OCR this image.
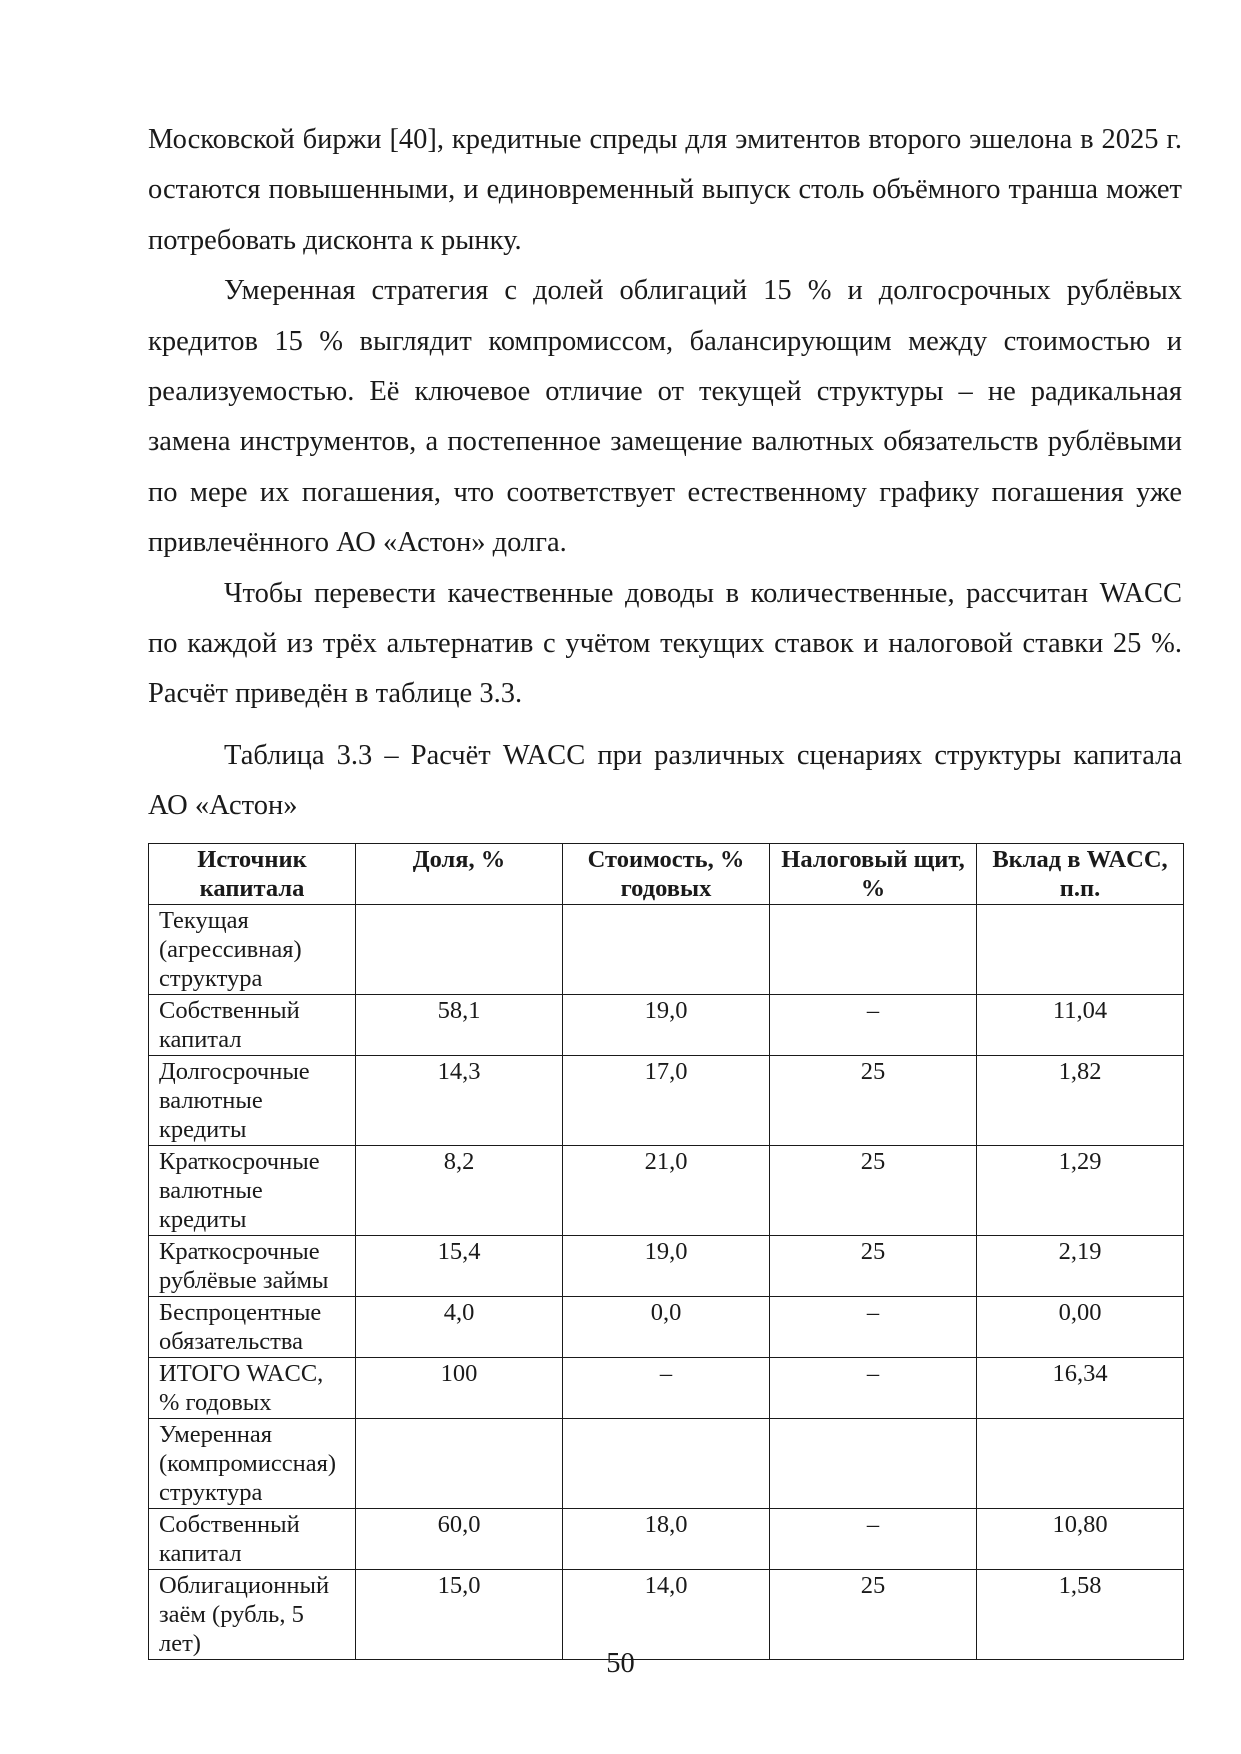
Московской биржи [40], кредитные спреды для эмитентов второго эшелона в 2025 г. остаются повышенными, и единовременный выпуск столь объёмного транша может потребовать дисконта к рынку.

Умеренная стратегия с долей облигаций 15 % и долгосрочных рублёвых кредитов 15 % выглядит компромиссом, балансирующим между стоимостью и реализуемостью. Её ключевое отличие от текущей структуры – не радикальная замена инструментов, а постепенное замещение валютных обязательств рублёвыми по мере их погашения, что соответствует естественному графику погашения уже привлечённого АО «Астон» долга.

Чтобы перевести качественные доводы в количественные, рассчитан WACC по каждой из трёх альтернатив с учётом текущих ставок и налоговой ставки 25 %. Расчёт приведён в таблице 3.3.

Таблица 3.3 – Расчёт WACC при различных сценариях структуры капитала АО «Астон»

Источник капитала	Доля, %	Стоимость, % годовых	Налоговый щит, %	Вклад в WACC, п.п.
Текущая (агрессивная) структура				
Собственный капитал	58,1	19,0	–	11,04
Долгосрочные валютные кредиты	14,3	17,0	25	1,82
Краткосрочные валютные кредиты	8,2	21,0	25	1,29
Краткосрочные рублёвые займы	15,4	19,0	25	2,19
Беспроцентные обязательства	4,0	0,0	–	0,00
ИТОГО WACC, % годовых	100	–	–	16,34
Умеренная (компромиссная) структура				
Собственный капитал	60,0	18,0	–	10,80
Облигационный заём (рубль, 5 лет)	15,0	14,0	25	1,58
50
